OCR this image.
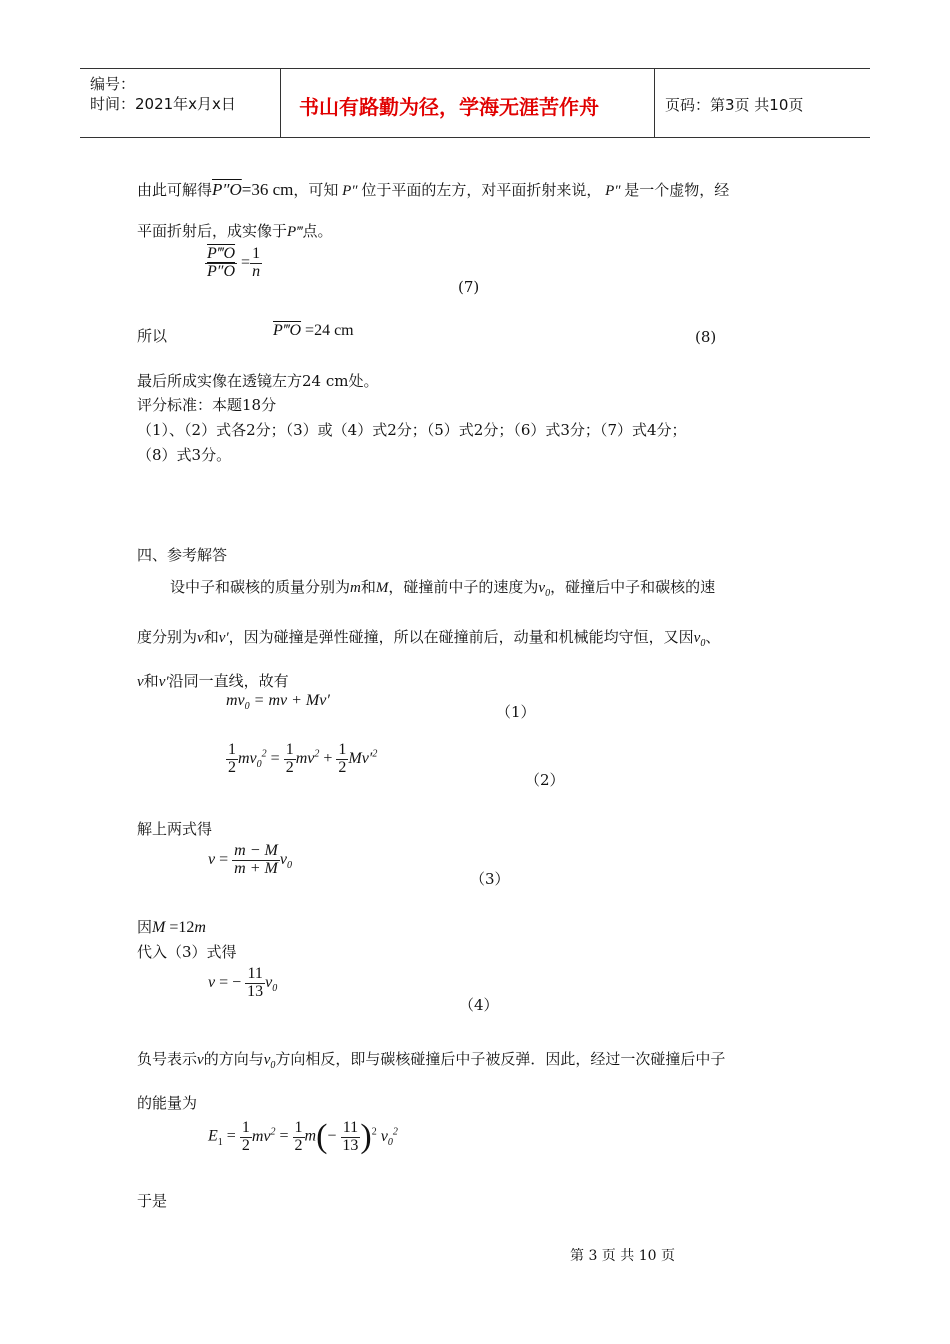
编号：
时间：2021年x月x日	书山有路勤为径，学海无涯苦作舟	页码：第3页 共10页
由此可解得P″O=36 cm，可知 P″ 位于平面的左方，对平面折射来说， P″ 是一个虚物，经
平面折射后，成实像于P‴点。
$\frac{P‴O}{P''O} = \frac{1}{n}$
(7)
所以	P‴O =24 cm	(8)
最后所成实像在透镜左方24 cm处。
评分标准：本题18分
（1）、（2）式各2分；（3）或（4）式2分；（5）式2分；（6）式3分；（7）式4分；
（8）式3分。
四、参考解答
设中子和碳核的质量分别为m和M，碰撞前中子的速度为$v_0$，碰撞后中子和碳核的速
度分别为v和v′，因为碰撞是弹性碰撞，所以在碰撞前后，动量和机械能均守恒，又因$v_0$、
v和v′沿同一直线，故有
$mv_0$ = mv + Mv′
（1）
$\frac{1}{2} mv_0^2 = \frac{1}{2} mv^2 + \frac{1}{2} Mv'^2$
（2）
解上两式得
$v = \frac{m - M}{m + M} v_0$
（3）
因M =12m
代入（3）式得
v = − $\frac{11}{13} v_0$
（4）
负号表示v的方向与$v_0$方向相反，即与碳核碰撞后中子被反弹．因此，经过一次碰撞后中子
的能量为
$E_1 = \frac{1}{2} mv^2 = \frac{1}{2} m(- \frac{11}{13} )^2$ $v_0^2$
于是
第 3 页 共 10 页
